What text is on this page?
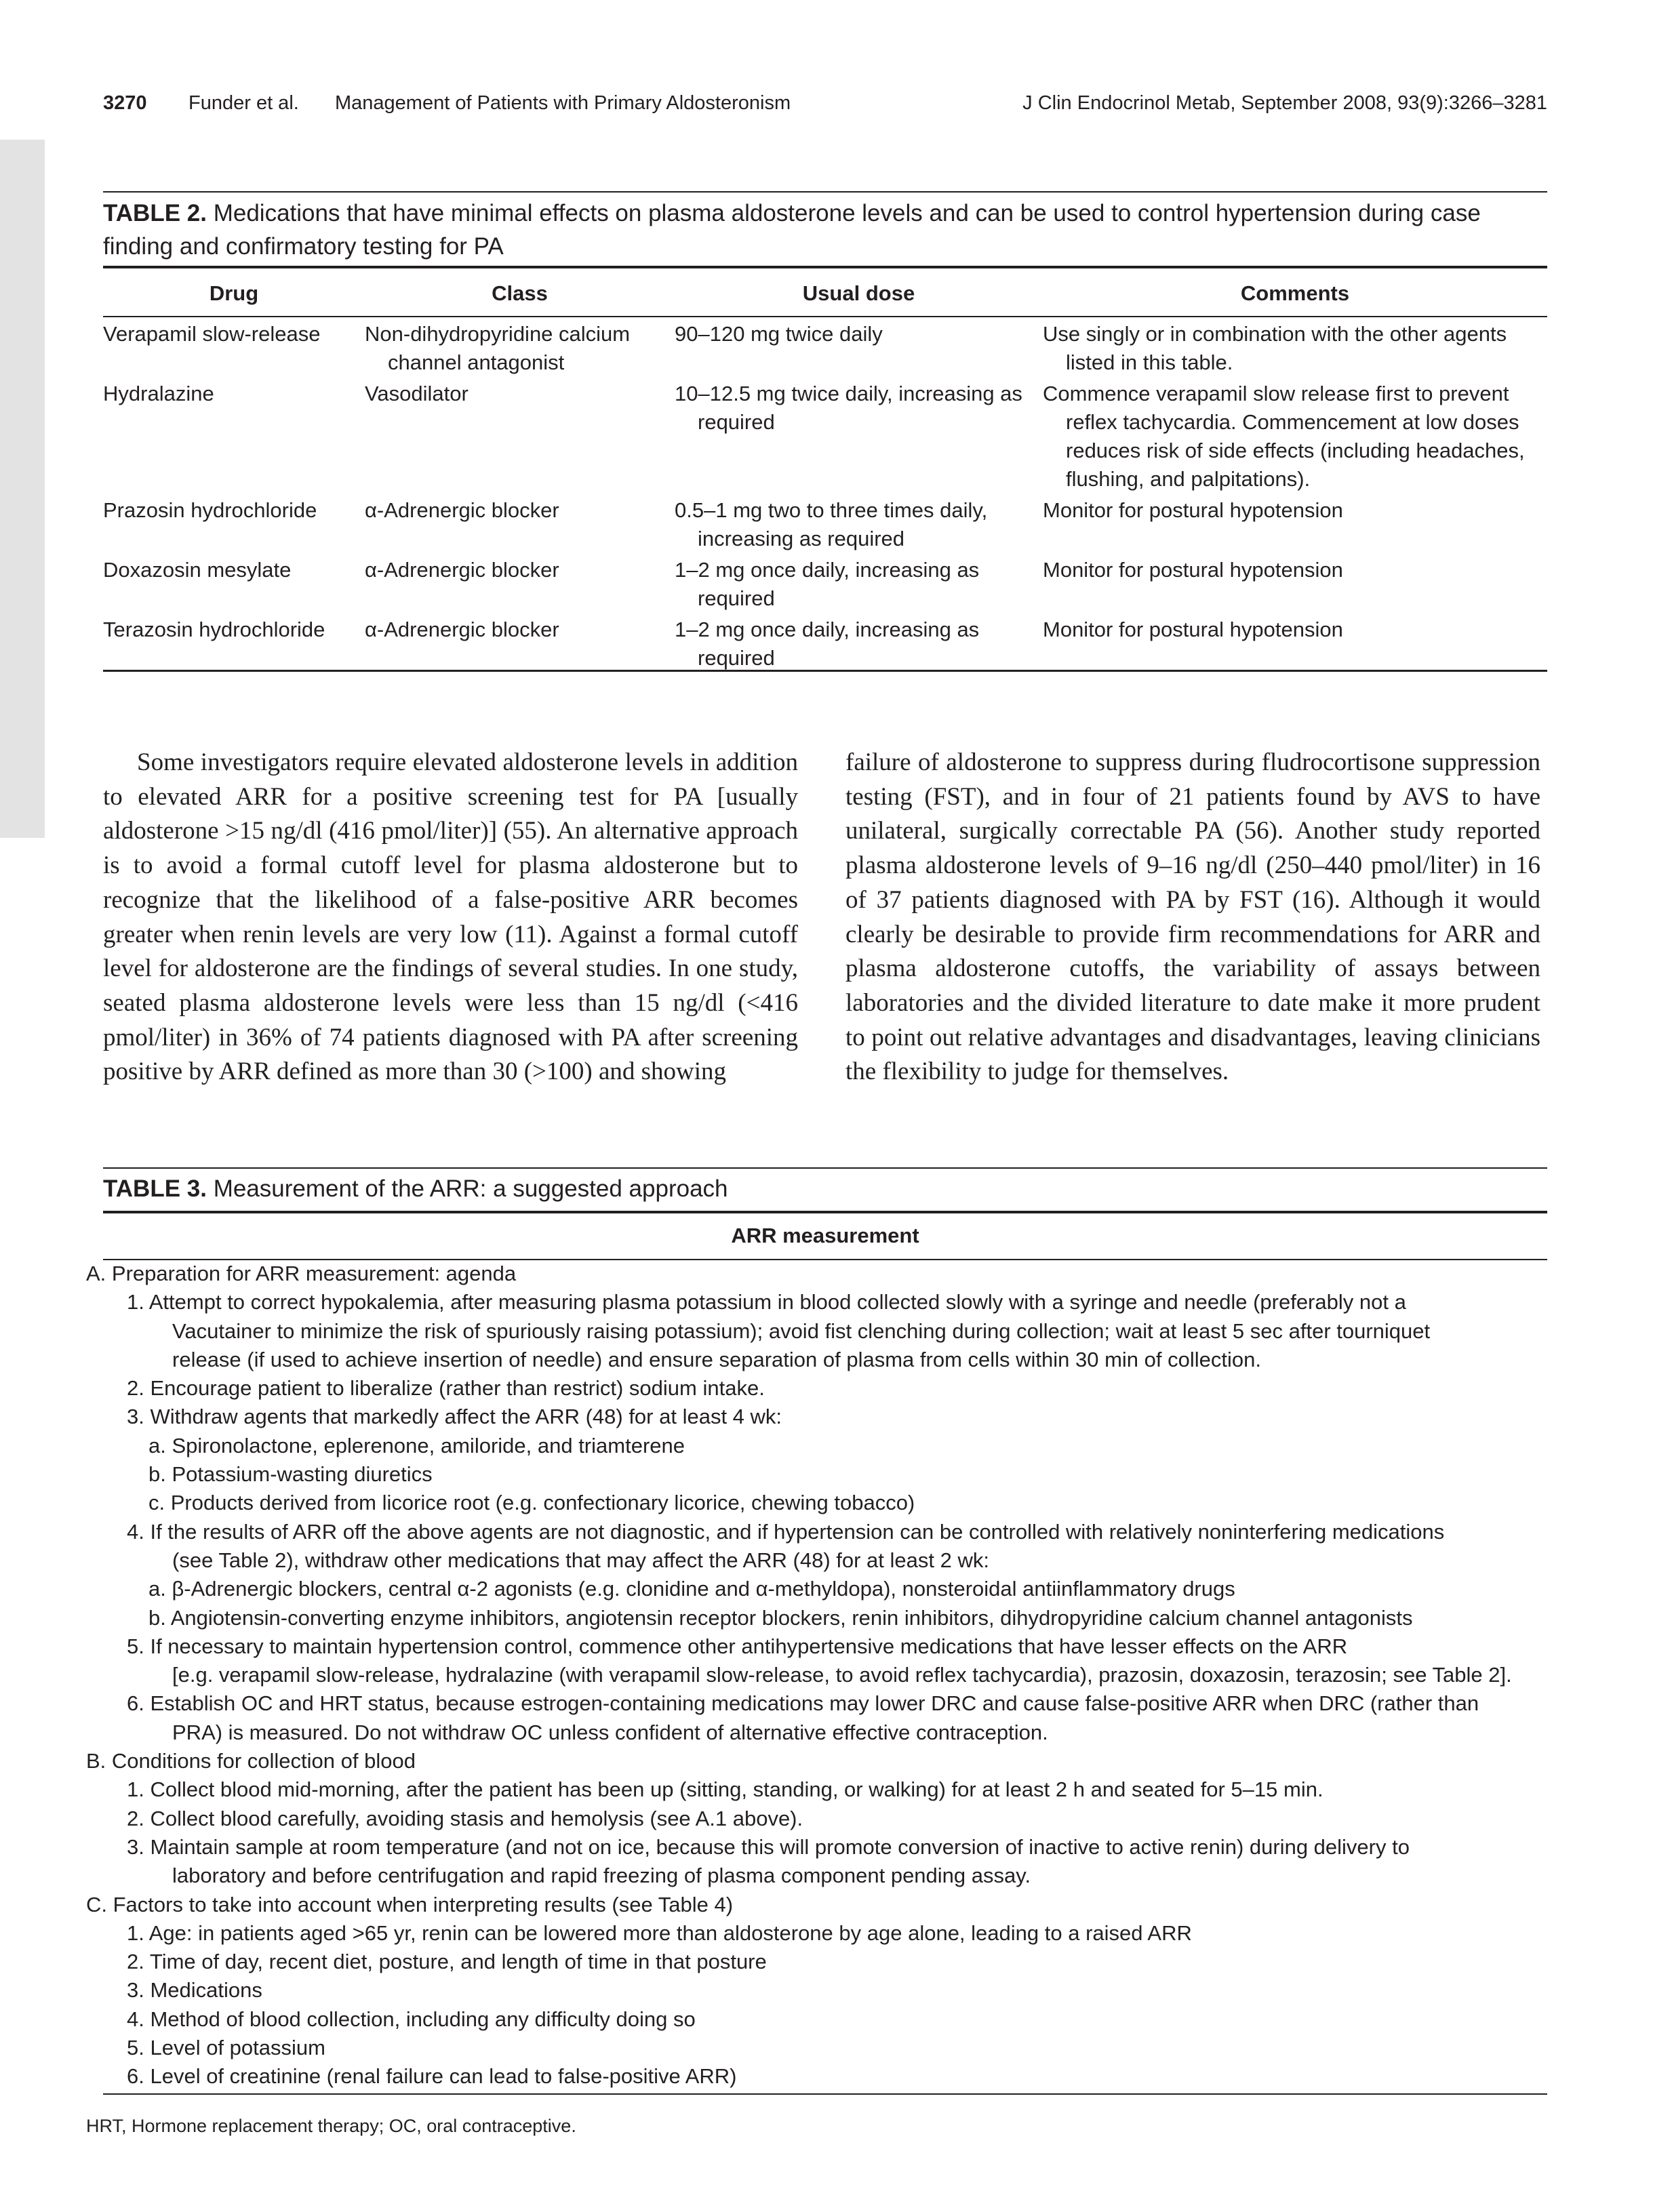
3270 Funder et al. Management of Patients with Primary Aldosteronism	J Clin Endocrinol Metab, September 2008, 93(9):3266–3281
TABLE 2. Medications that have minimal effects on plasma aldosterone levels and can be used to control hypertension during case finding and confirmatory testing for PA
Drug	Class	Usual dose	Comments
Verapamil slow-release	Non-dihydropyridine calcium channel antagonist	90–120 mg twice daily	Use singly or in combination with the other agents listed in this table.
Hydralazine	Vasodilator	10–12.5 mg twice daily, increasing as required	Commence verapamil slow release first to prevent reflex tachycardia. Commencement at low doses reduces risk of side effects (including headaches, flushing, and palpitations).
Prazosin hydrochloride	α-Adrenergic blocker	0.5–1 mg two to three times daily, increasing as required	Monitor for postural hypotension
Doxazosin mesylate	α-Adrenergic blocker	1–2 mg once daily, increasing as required	Monitor for postural hypotension
Terazosin hydrochloride	α-Adrenergic blocker	1–2 mg once daily, increasing as required	Monitor for postural hypotension
Some investigators require elevated aldosterone levels in addition to elevated ARR for a positive screening test for PA [usually aldosterone >15 ng/dl (416 pmol/liter)] (55). An alternative approach is to avoid a formal cutoff level for plasma aldosterone but to recognize that the likelihood of a false-positive ARR becomes greater when renin levels are very low (11). Against a formal cutoff level for aldosterone are the findings of several studies. In one study, seated plasma aldosterone levels were less than 15 ng/dl (<416 pmol/liter) in 36% of 74 patients diagnosed with PA after screening positive by ARR defined as more than 30 (>100) and showing
failure of aldosterone to suppress during fludrocortisone suppression testing (FST), and in four of 21 patients found by AVS to have unilateral, surgically correctable PA (56). Another study reported plasma aldosterone levels of 9–16 ng/dl (250–440 pmol/liter) in 16 of 37 patients diagnosed with PA by FST (16). Although it would clearly be desirable to provide firm recommendations for ARR and plasma aldosterone cutoffs, the variability of assays between laboratories and the divided literature to date make it more prudent to point out relative advantages and disadvantages, leaving clinicians the flexibility to judge for themselves.
TABLE 3. Measurement of the ARR: a suggested approach
ARR measurement
A. Preparation for ARR measurement: agenda
1. Attempt to correct hypokalemia, after measuring plasma potassium in blood collected slowly with a syringe and needle (preferably not a
Vacutainer to minimize the risk of spuriously raising potassium); avoid fist clenching during collection; wait at least 5 sec after tourniquet
release (if used to achieve insertion of needle) and ensure separation of plasma from cells within 30 min of collection.
2. Encourage patient to liberalize (rather than restrict) sodium intake.
3. Withdraw agents that markedly affect the ARR (48) for at least 4 wk:
a. Spironolactone, eplerenone, amiloride, and triamterene
b. Potassium-wasting diuretics
c. Products derived from licorice root (e.g. confectionary licorice, chewing tobacco)
4. If the results of ARR off the above agents are not diagnostic, and if hypertension can be controlled with relatively noninterfering medications
(see Table 2), withdraw other medications that may affect the ARR (48) for at least 2 wk:
a. β-Adrenergic blockers, central α-2 agonists (e.g. clonidine and α-methyldopa), nonsteroidal antiinflammatory drugs
b. Angiotensin-converting enzyme inhibitors, angiotensin receptor blockers, renin inhibitors, dihydropyridine calcium channel antagonists
5. If necessary to maintain hypertension control, commence other antihypertensive medications that have lesser effects on the ARR
[e.g. verapamil slow-release, hydralazine (with verapamil slow-release, to avoid reflex tachycardia), prazosin, doxazosin, terazosin; see Table 2].
6. Establish OC and HRT status, because estrogen-containing medications may lower DRC and cause false-positive ARR when DRC (rather than
PRA) is measured. Do not withdraw OC unless confident of alternative effective contraception.
B. Conditions for collection of blood
1. Collect blood mid-morning, after the patient has been up (sitting, standing, or walking) for at least 2 h and seated for 5–15 min.
2. Collect blood carefully, avoiding stasis and hemolysis (see A.1 above).
3. Maintain sample at room temperature (and not on ice, because this will promote conversion of inactive to active renin) during delivery to
laboratory and before centrifugation and rapid freezing of plasma component pending assay.
C. Factors to take into account when interpreting results (see Table 4)
1. Age: in patients aged >65 yr, renin can be lowered more than aldosterone by age alone, leading to a raised ARR
2. Time of day, recent diet, posture, and length of time in that posture
3. Medications
4. Method of blood collection, including any difficulty doing so
5. Level of potassium
6. Level of creatinine (renal failure can lead to false-positive ARR)
HRT, Hormone replacement therapy; OC, oral contraceptive.
